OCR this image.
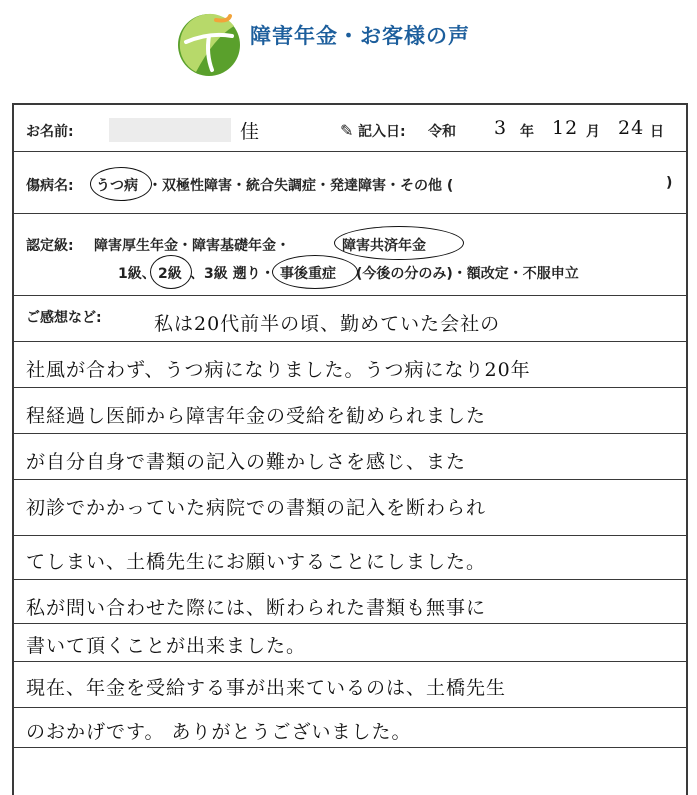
障害年金・お客様の声
お名前:	佳	✎ 記入日: 令和 3 年 12 月 24 日
傷病名: うつ病 ・双極性障害・統合失調症・発達障害・その他 (	)
認定級: 障害厚生年金・障害基礎年金・	障害共済年金
1級、 2級 、3級 遡り・ 事後重症 (今後の分のみ)・額改定・不服申立
ご感想など:	私は20代前半の頃、勤めていた会社の
社風が合わず、うつ病になりました。うつ病になり20年
程経過し医師から障害年金の受給を勧められました
が自分自身で書類の記入の難かしさを感じ、また
初診でかかっていた病院での書類の記入を断わられ
てしまい、土橋先生にお願いすることにしました。
私が問い合わせた際には、断わられた書類も無事に
書いて頂くことが出来ました。
現在、年金を受給する事が出来ているのは、土橋先生
のおかげです。 ありがとうございました。
